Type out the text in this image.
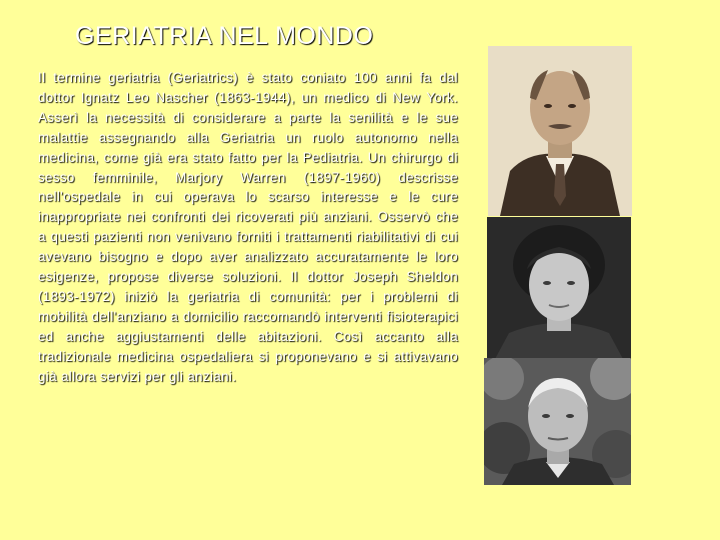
GERIATRIA NEL MONDO

Il termine geriatria (Geriatrics) è stato coniato 100 anni fa dal dottor Ignatz Leo Nascher (1863-1944), un medico di New York. Asserì la necessità di considerare a parte la senilità e le sue malattie assegnando alla Geriatria un ruolo autonomo nella medicina, come già era stato fatto per la Pediatria. Un chirurgo di sesso femminile, Marjory Warren (1897-1960) descrisse nell'ospedale in cui operava lo scarso interesse e le cure inappropriate nei confronti dei ricoverati più anziani. Osservò che a questi pazienti non venivano forniti i trattamenti riabilitativi di cui avevano bisogno e dopo aver analizzato accuratamente le loro esigenze, propose diverse soluzioni. Il dottor Joseph Sheldon (1893-1972) iniziò la geriatria di comunità: per i problemi di mobilità dell'anziano a domicilio raccomandò interventi fisioterapici ed anche aggiustamenti delle abitazioni. Così accanto alla tradizionale medicina ospedaliera si proponevano e si attivavano già allora servizi per gli anziani.
